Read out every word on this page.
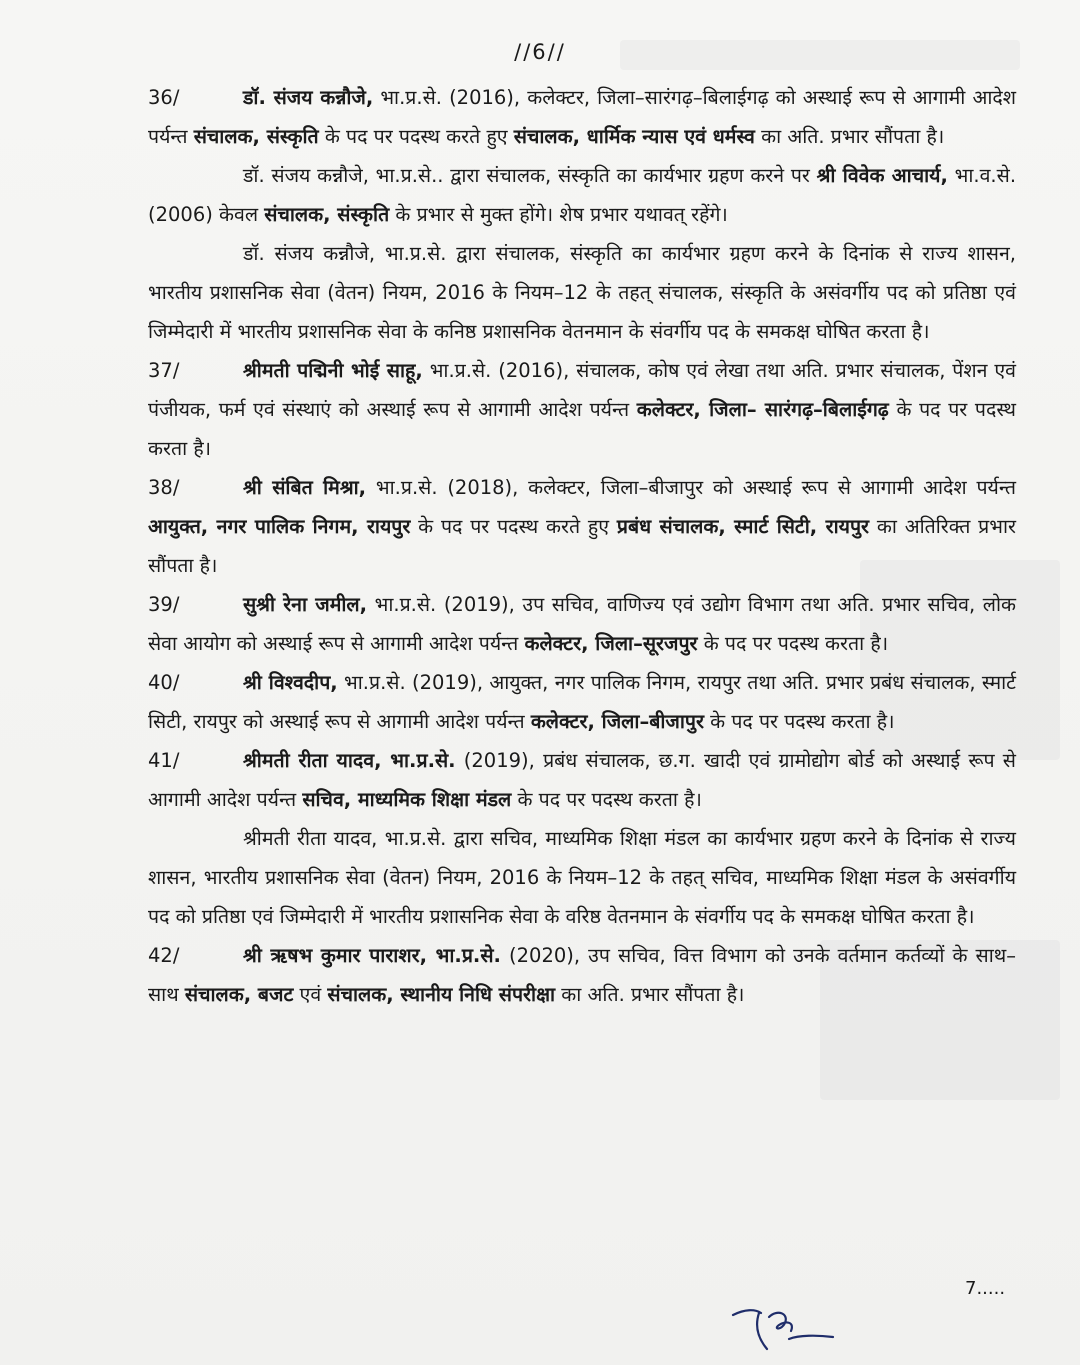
//6//

36/	डॉ. संजय कन्नौजे, भा.प्र.से. (2016), कलेक्टर, जिला–सारंगढ़–बिलाईगढ़ को अस्थाई रूप से आगामी आदेश पर्यन्त संचालक, संस्कृति के पद पर पदस्थ करते हुए संचालक, धार्मिक न्यास एवं धर्मस्व का अति. प्रभार सौंपता है।

डॉ. संजय कन्नौजे, भा.प्र.से.. द्वारा संचालक, संस्कृति का कार्यभार ग्रहण करने पर श्री विवेक आचार्य, भा.व.से. (2006) केवल संचालक, संस्कृति के प्रभार से मुक्त होंगे। शेष प्रभार यथावत् रहेंगे।

डॉ. संजय कन्नौजे, भा.प्र.से. द्वारा संचालक, संस्कृति का कार्यभार ग्रहण करने के दिनांक से राज्य शासन, भारतीय प्रशासनिक सेवा (वेतन) नियम, 2016 के नियम–12 के तहत् संचालक, संस्कृति के असंवर्गीय पद को प्रतिष्ठा एवं जिम्मेदारी में भारतीय प्रशासनिक सेवा के कनिष्ठ प्रशासनिक वेतनमान के संवर्गीय पद के समकक्ष घोषित करता है।

37/	श्रीमती पद्मिनी भोई साहू, भा.प्र.से. (2016), संचालक, कोष एवं लेखा तथा अति. प्रभार संचालक, पेंशन एवं पंजीयक, फर्म एवं संस्थाएं को अस्थाई रूप से आगामी आदेश पर्यन्त कलेक्टर, जिला– सारंगढ़–बिलाईगढ़ के पद पर पदस्थ करता है।

38/	श्री संबित मिश्रा, भा.प्र.से. (2018), कलेक्टर, जिला–बीजापुर को अस्थाई रूप से आगामी आदेश पर्यन्त आयुक्त, नगर पालिक निगम, रायपुर के पद पर पदस्थ करते हुए प्रबंध संचालक, स्मार्ट सिटी, रायपुर का अतिरिक्त प्रभार सौंपता है।

39/	सुश्री रेना जमील, भा.प्र.से. (2019), उप सचिव, वाणिज्य एवं उद्योग विभाग तथा अति. प्रभार सचिव, लोक सेवा आयोग को अस्थाई रूप से आगामी आदेश पर्यन्त कलेक्टर, जिला–सूरजपुर के पद पर पदस्थ करता है।

40/	श्री विश्वदीप, भा.प्र.से. (2019), आयुक्त, नगर पालिक निगम, रायपुर तथा अति. प्रभार प्रबंध संचालक, स्मार्ट सिटी, रायपुर को अस्थाई रूप से आगामी आदेश पर्यन्त कलेक्टर, जिला–बीजापुर के पद पर पदस्थ करता है।

41/	श्रीमती रीता यादव, भा.प्र.से. (2019), प्रबंध संचालक, छ.ग. खादी एवं ग्रामोद्योग बोर्ड को अस्थाई रूप से आगामी आदेश पर्यन्त सचिव, माध्यमिक शिक्षा मंडल के पद पर पदस्थ करता है।

श्रीमती रीता यादव, भा.प्र.से. द्वारा सचिव, माध्यमिक शिक्षा मंडल का कार्यभार ग्रहण करने के दिनांक से राज्य शासन, भारतीय प्रशासनिक सेवा (वेतन) नियम, 2016 के नियम–12 के तहत् सचिव, माध्यमिक शिक्षा मंडल के असंवर्गीय पद को प्रतिष्ठा एवं जिम्मेदारी में भारतीय प्रशासनिक सेवा के वरिष्ठ वेतनमान के संवर्गीय पद के समकक्ष घोषित करता है।

42/	श्री ऋषभ कुमार पाराशर, भा.प्र.से. (2020), उप सचिव, वित्त विभाग को उनके वर्तमान कर्तव्यों के साथ–साथ संचालक, बजट एवं संचालक, स्थानीय निधि संपरीक्षा का अति. प्रभार सौंपता है।

7.....
